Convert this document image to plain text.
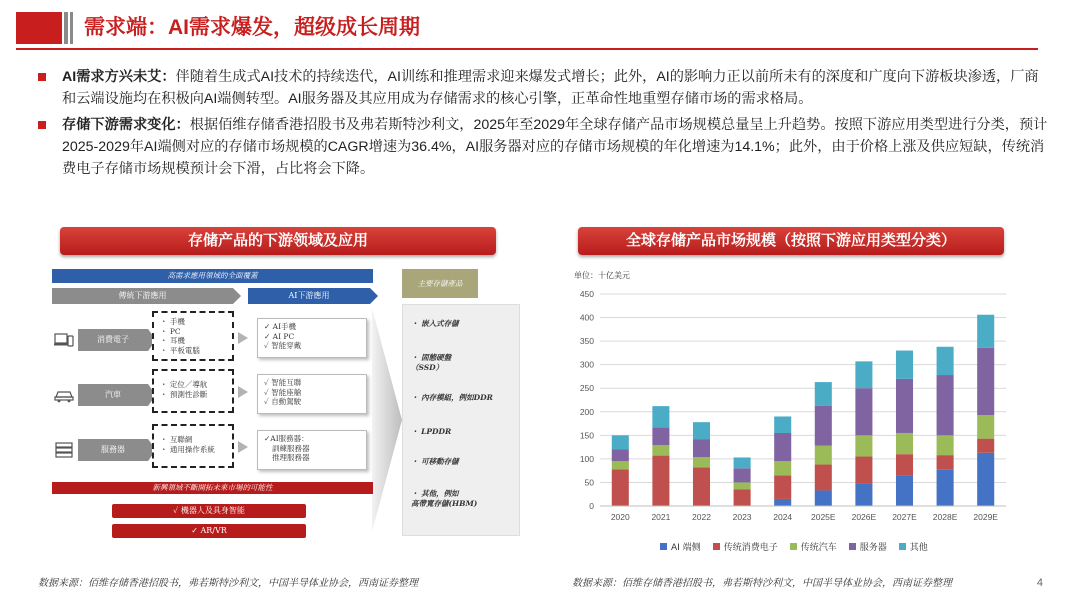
需求端：AI需求爆发，超级成长周期
AI需求方兴未艾：伴随着生成式AI技术的持续迭代，AI训练和推理需求迎来爆发式增长；此外，AI的影响力正以前所未有的深度和广度向下游板块渗透，厂商和云端设施均在积极向AI端侧转型。AI服务器及其应用成为存储需求的核心引擎，正革命性地重塑存储市场的需求格局。
存储下游需求变化：根据佰维存储香港招股书及弗若斯特沙利文，2025年至2029年全球存储产品市场规模总量呈上升趋势。按照下游应用类型进行分类，预计2025-2029年AI端侧对应的存储市场规模的CAGR增速为36.4%，AI服务器对应的存储市场规模的年化增速为14.1%；此外，由于价格上涨及供应短缺，传统消费电子存储市场规模预计会下滑，占比将会下降。
存储产品的下游领域及应用	全球存储产品市场规模（按照下游应用类型分类）
高需求應用領域的全面覆蓋
傳統下游應用	AI下游應用
主要存儲產品
消費電子
・ 手機
・ PC
・ 耳機
・ 平板電腦
✓ AI手機
✓ AI PC
✓ 智能穿戴
汽車
・ 定位／導航
・ 預測性診斷
✓ 智能互聯
✓ 智能座艙
✓ 自動駕駛
服務器
・ 互聯網
・ 通用操作系統
✓AI服務器：
訓練服務器
推理服務器
・ 嵌入式存儲
・ 固態硬盤
（SSD）
・ 內存模組，例如DDR
・ LPDDR
・ 可移動存儲
・ 其他，例如
高帶寬存儲(HBM)
新興領域不斷開拓未來市場的可能性
✓ 機器人及具身智能
✓ AR/VR
单位：十亿美元
0
50
100
150
200
250
300
350
400
450
2020	2021	2022	2023	2024 2025E 2026E 2027E 2028E 2029E
AI 端侧	传统消费电子	传统汽车	服务器	其他
数据来源：佰维存储香港招股书，弗若斯特沙利文，中国半导体业协会，西南证券整理	数据来源：佰维存储香港招股书，弗若斯特沙利文，中国半导体业协会，西南证券整理	4
